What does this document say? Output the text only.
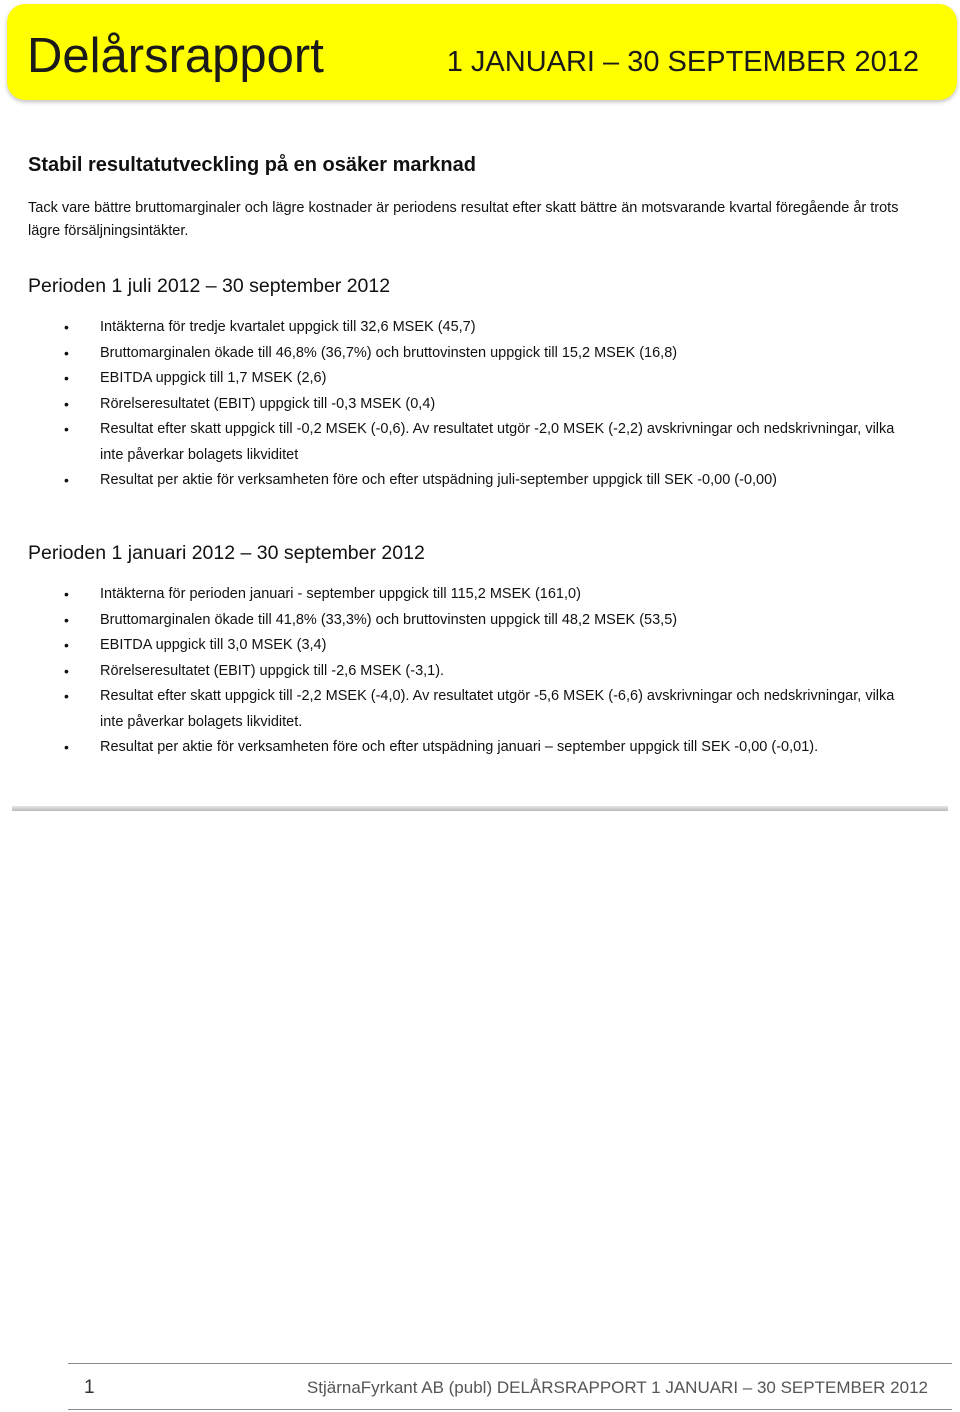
Delårsrapport	1 JANUARI – 30 SEPTEMBER 2012
Stabil resultatutveckling på en osäker marknad
Tack vare bättre bruttomarginaler och lägre kostnader är periodens resultat efter skatt bättre än motsvarande kvartal föregående år trots lägre försäljningsintäkter.
Perioden 1 juli 2012 – 30 september 2012
• Intäkterna för tredje kvartalet uppgick till 32,6 MSEK (45,7)
• Bruttomarginalen ökade till 46,8% (36,7%) och bruttovinsten uppgick till 15,2 MSEK (16,8)
• EBITDA uppgick till 1,7 MSEK (2,6)
• Rörelseresultatet (EBIT) uppgick till -0,3 MSEK (0,4)
• Resultat efter skatt uppgick till -0,2 MSEK (-0,6). Av resultatet utgör -2,0 MSEK (-2,2) avskrivningar och nedskrivningar, vilka inte påverkar bolagets likviditet
• Resultat per aktie för verksamheten före och efter utspädning juli-september uppgick till SEK -0,00 (-0,00)
Perioden 1 januari 2012 – 30 september 2012
• Intäkterna för perioden januari - september uppgick till 115,2 MSEK (161,0)
• Bruttomarginalen ökade till 41,8% (33,3%) och bruttovinsten uppgick till 48,2 MSEK (53,5)
• EBITDA uppgick till 3,0 MSEK (3,4)
• Rörelseresultatet (EBIT) uppgick till -2,6 MSEK (-3,1).
• Resultat efter skatt uppgick till -2,2 MSEK (-4,0). Av resultatet utgör -5,6 MSEK (-6,6) avskrivningar och nedskrivningar, vilka inte påverkar bolagets likviditet.
• Resultat per aktie för verksamheten före och efter utspädning januari – september uppgick till SEK -0,00 (-0,01).
1	StjärnaFyrkant AB (publ) DELÅRSRAPPORT 1 JANUARI – 30 SEPTEMBER 2012
